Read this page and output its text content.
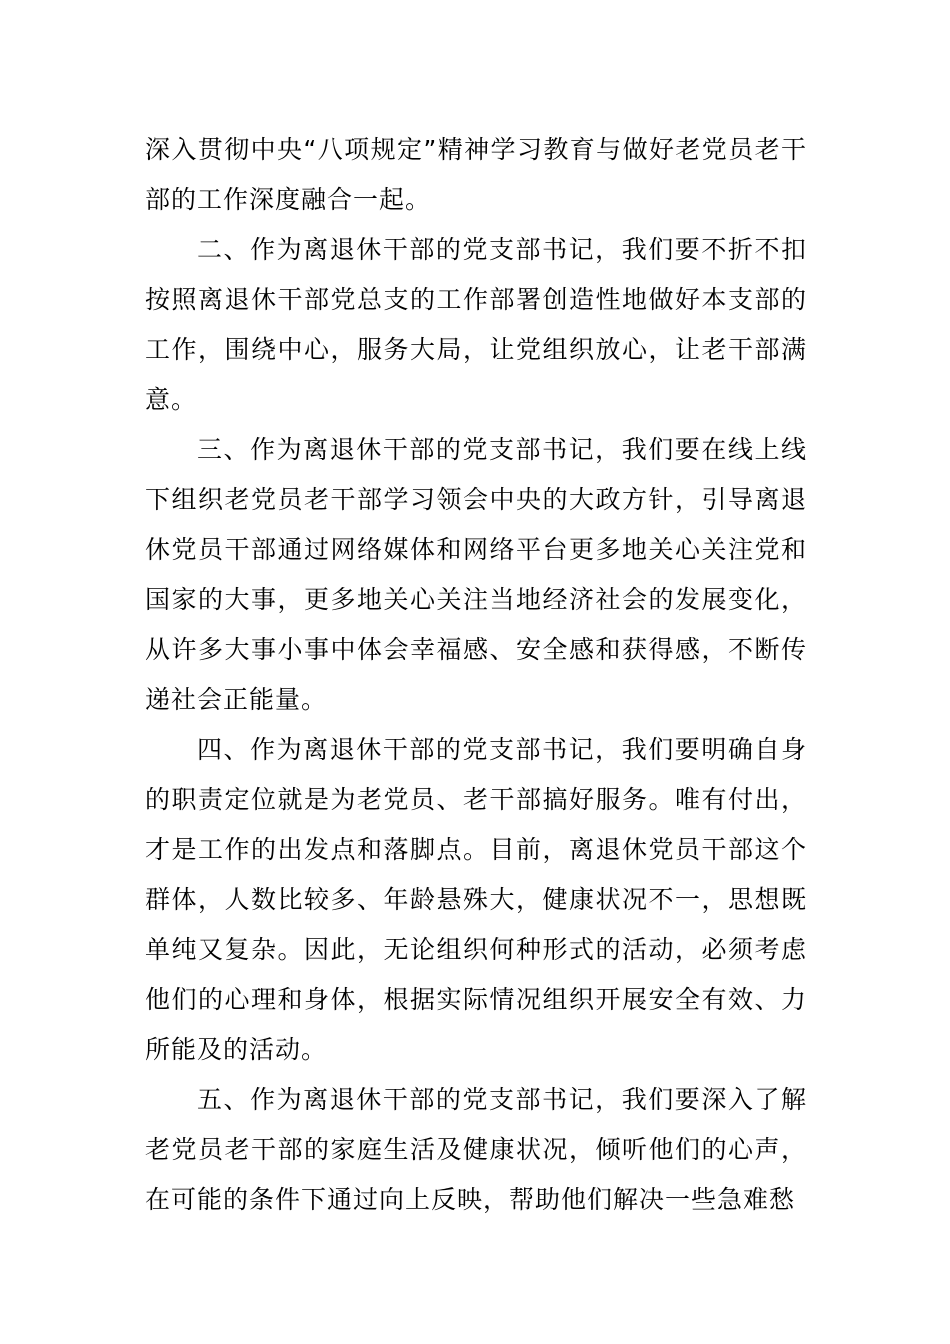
深入贯彻中央“八项规定”精神学习教育与做好老党员老干部的工作深度融合一起。

二、作为离退休干部的党支部书记，我们要不折不扣按照离退休干部党总支的工作部署创造性地做好本支部的工作，围绕中心，服务大局，让党组织放心，让老干部满意。

三、作为离退休干部的党支部书记，我们要在线上线下组织老党员老干部学习领会中央的大政方针，引导离退休党员干部通过网络媒体和网络平台更多地关心关注党和国家的大事，更多地关心关注当地经济社会的发展变化，从许多大事小事中体会幸福感、安全感和获得感，不断传递社会正能量。

四、作为离退休干部的党支部书记，我们要明确自身的职责定位就是为老党员、老干部搞好服务。唯有付出，才是工作的出发点和落脚点。目前，离退休党员干部这个群体，人数比较多、年龄悬殊大，健康状况不一，思想既单纯又复杂。因此，无论组织何种形式的活动，必须考虑他们的心理和身体，根据实际情况组织开展安全有效、力所能及的活动。

五、作为离退休干部的党支部书记，我们要深入了解老党员老干部的家庭生活及健康状况，倾听他们的心声，在可能的条件下通过向上反映，帮助他们解决一些急难愁
